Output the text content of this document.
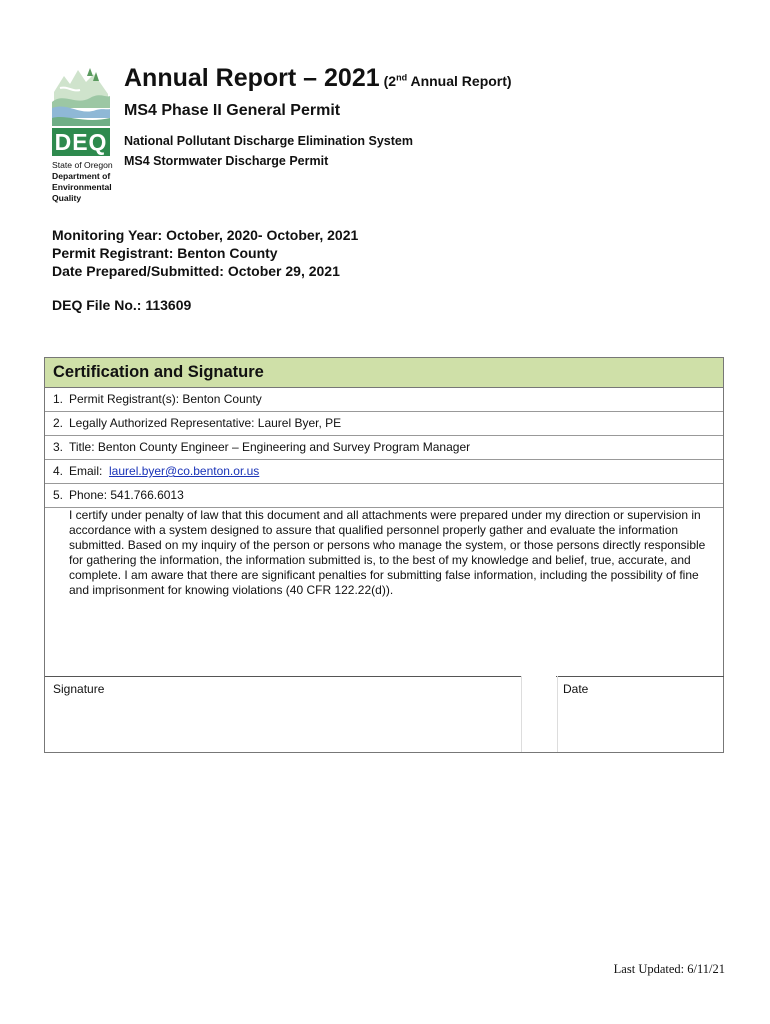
DEQ
State of Oregon
Department of
Environmental
Quality
Annual Report – 2021 (2nd Annual Report)
MS4 Phase II General Permit
National Pollutant Discharge Elimination System
MS4 Stormwater Discharge Permit
Monitoring Year: October, 2020- October, 2021
Permit Registrant: Benton County
Date Prepared/Submitted: October 29, 2021
DEQ File No.: 113609
Certification and Signature
1. Permit Registrant(s): Benton County
2. Legally Authorized Representative: Laurel Byer, PE
3. Title: Benton County Engineer – Engineering and Survey Program Manager
4. Email:  laurel.byer@co.benton.or.us
5. Phone: 541.766.6013
I certify under penalty of law that this document and all attachments were prepared under my direction or supervision in accordance with a system designed to assure that qualified personnel properly gather and evaluate the information submitted. Based on my inquiry of the person or persons who manage the system, or those persons directly responsible for gathering the information, the information submitted is, to the best of my knowledge and belief, true, accurate, and complete. I am aware that there are significant penalties for submitting false information, including the possibility of fine and imprisonment for knowing violations (40 CFR 122.22(d)).
Signature	Date
Last Updated: 6/11/21
